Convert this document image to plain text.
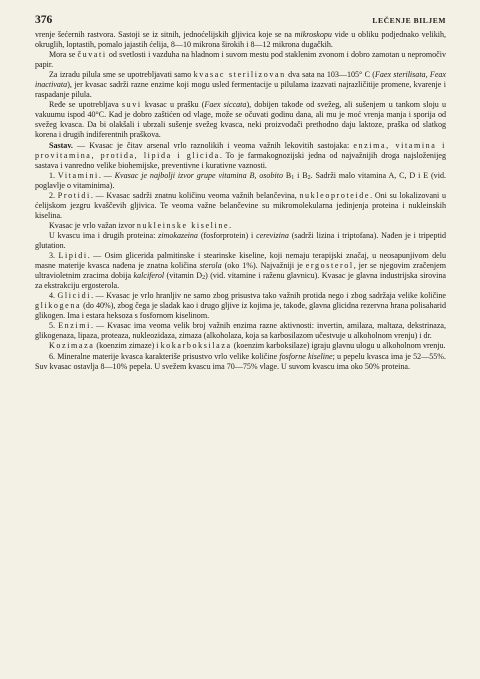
376	LEČENJE BILJEM

vrenje šećernih rastvora. Sastoji se iz sitnih, jednoćelijskih gljivica koje se na mikroskopu vide u obliku podjednako velikih, okruglih, loptastih, pomalo jajastih ćelija, 8—10 mikrona širokih i 8—12 mikrona dugačkih.

Mora se čuvati od svetlosti i vazduha na hladnom i suvom mestu pod staklenim zvonom i dobro zamotan u nepromočiv papir.

Za izradu pilula sme se upotrebljavati samo kvasac sterilizovan dva sata na 103—105° C (Faex sterilisata, Feax inactivata), jer kvasac sadrži razne enzime koji mogu usled fermentacije u pilulama izazvati najrazličitije promene, kvarenje i raspadanje pilula.

Ređe se upotrebljava suvi kvasac u prašku (Faex siccata), dobijen takođe od svežeg, ali sušenjem u tankom sloju u vakuumu ispod 40°C. Kad je dobro zaštićen od vlage, može se očuvati godinu dana, ali mu je moć vrenja manja i sporija od svežeg kvasca. Da bi olakšali i ubrzali sušenje svežeg kvasca, neki proizvođači prethodno daju laktoze, praška od slatkog korena i drugih indiferentnih praškova.

Sastav. — Kvasac je čitav arsenal vrlo raznolikih i veoma važnih lekovitih sastojaka: enzima, vitamina i provitamina, protida, lipida i glicida. To je farmakognozijski jedna od najvažnijih droga najsloženijeg sastava i vanredno velike biohemijske, preventivne i kurativne vaznosti.

1. Vitamini. — Kvasac je najbolji izvor grupe vitamina B, osobito $B_1$ i $B_2$. Sadrži malo vitamina A, C, D i E (vid. poglavlje o vitaminima).

2. Protidi. — Kvasac sadrži znatnu količinu veoma važnih belančevina, nukleoproteide. Oni su lokalizovani u ćelijskom jezgru kvaščevih gljivica. Te veoma važne belančevine su mikromolekularna jedinjenja proteina i nukleinskih kiselina.

Kvasac je vrlo važan izvor nukleinske kiseline.

U kvascu ima i drugih proteina: zimokazeina (fosforprotein) i cerevizina (sadrži lizina i triptofana). Nađen je i tripeptid glutation.

3. Lipidi. — Osim glicerida palmitinske i stearinske kiseline, koji nemaju terapijski značaj, u neosapunjivom delu masne materije kvasca nađena je znatna količina sterola (oko 1%). Najvažniji je ergosterol, jer se njegovim zračenjem ultravioletnim zracima dobija kalciferol (vitamin $D_2$) (vid. vitamine i raženu glavnicu). Kvasac je glavna industrijska sirovina za ekstrakciju ergosterola.

4. Glicidi. — Kvasac je vrlo hranljiv ne samo zbog prisustva tako važnih protida nego i zbog sadržaja velike količine glikogena (do 40%), zbog čega je sladak kao i drugo gljive iz kojima je, takođe, glavna glicidna rezervna hrana polisaharid glikogen. Ima i estara heksoza s fosfornom kiselinom.

5. Enzimi. — Kvasac ima veoma velik broj važnih enzima razne aktivnosti: invertin, amilaza, maltaza, dekstrinaza, glikogenaza, lipaza, proteaza, nukleozidaza, zimaza (alkoholaza, koja sa karbosilazom učestvuje u alkoholnom vrenju) i dr.

Kozimaza (koenzim zimaze) i kokarboksilaza (koenzim karboksilaze) igraju glavnu ulogu u alkoholnom vrenju.

6. Mineralne materije kvasca karakteriše prisustvo vrlo velike količine fosforne kiseline; u pepelu kvasca ima je 52—55%. Suv kvasac ostavlja 8—10% pepela. U svežem kvascu ima 70—75% vlage. U suvom kvascu ima oko 50% proteina.
